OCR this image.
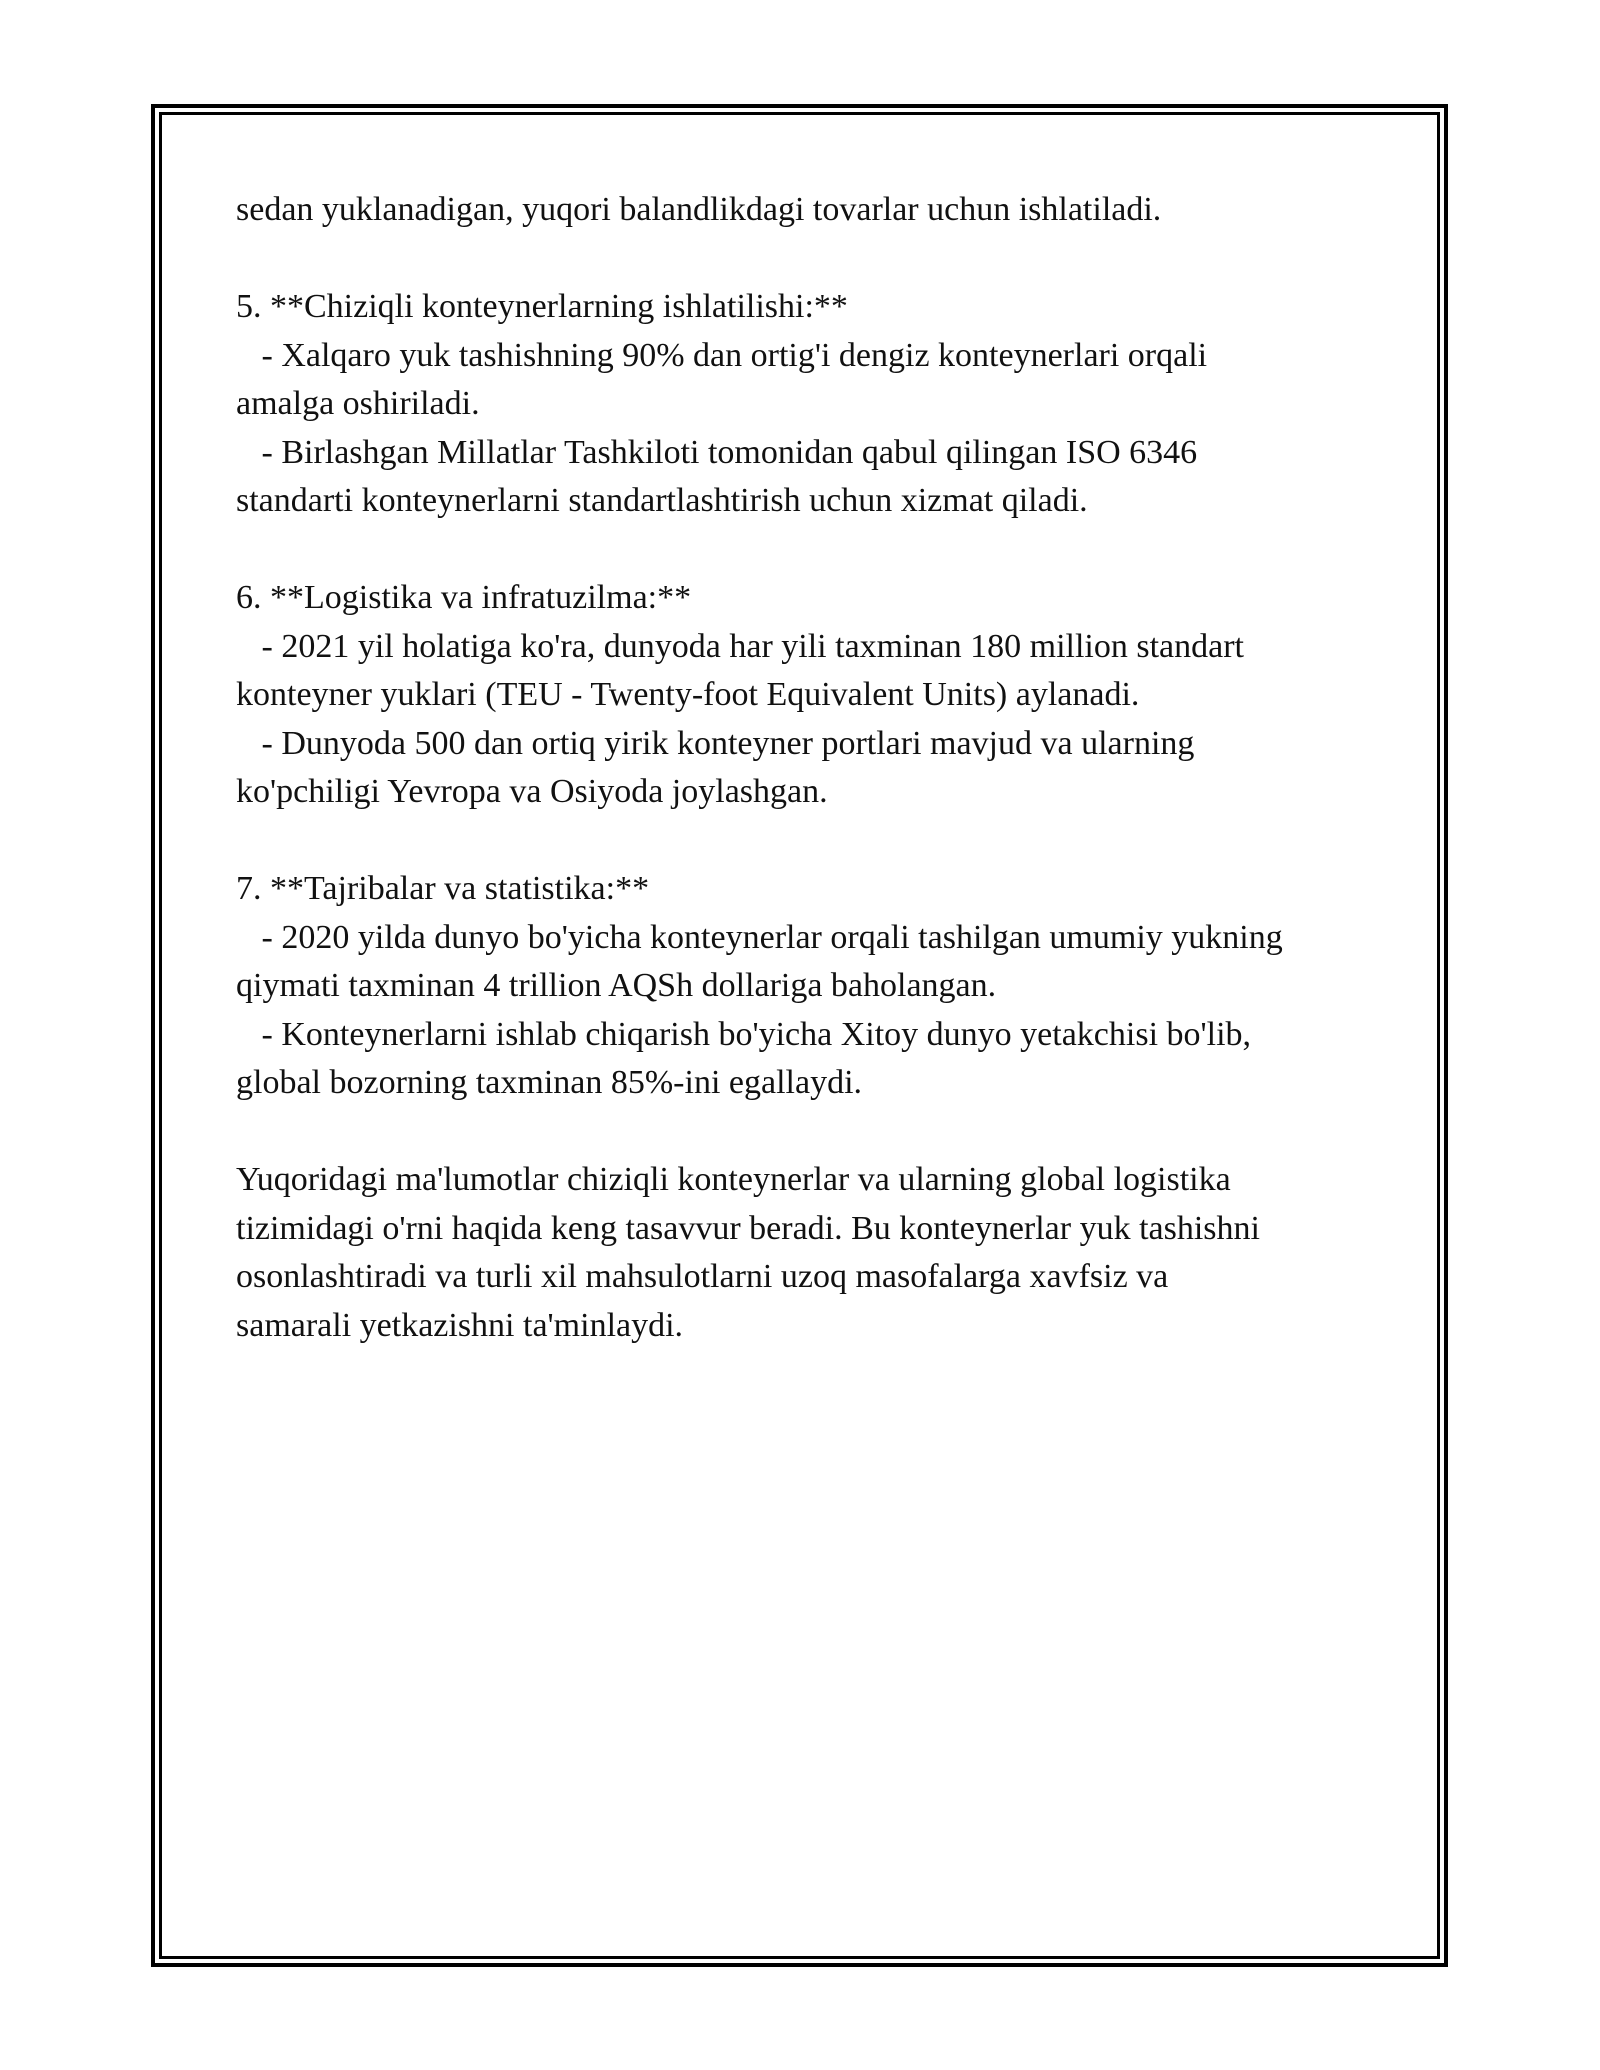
sedan yuklanadigan, yuqori balandlikdagi tovarlar uchun ishlatiladi.
5. **Chiziqli konteynerlarning ishlatilishi:**
- Xalqaro yuk tashishning 90% dan ortig'i dengiz konteynerlari orqali
amalga oshiriladi.
- Birlashgan Millatlar Tashkiloti tomonidan qabul qilingan ISO 6346
standarti konteynerlarni standartlashtirish uchun xizmat qiladi.
6. **Logistika va infratuzilma:**
- 2021 yil holatiga ko'ra, dunyoda har yili taxminan 180 million standart
konteyner yuklari (TEU - Twenty-foot Equivalent Units) aylanadi.
- Dunyoda 500 dan ortiq yirik konteyner portlari mavjud va ularning
ko'pchiligi Yevropa va Osiyoda joylashgan.
7. **Tajribalar va statistika:**
- 2020 yilda dunyo bo'yicha konteynerlar orqali tashilgan umumiy yukning
qiymati taxminan 4 trillion AQSh dollariga baholangan.
- Konteynerlarni ishlab chiqarish bo'yicha Xitoy dunyo yetakchisi bo'lib,
global bozorning taxminan 85%-ini egallaydi.
Yuqoridagi ma'lumotlar chiziqli konteynerlar va ularning global logistika
tizimidagi o'rni haqida keng tasavvur beradi. Bu konteynerlar yuk tashishni
osonlashtiradi va turli xil mahsulotlarni uzoq masofalarga xavfsiz va
samarali yetkazishni ta'minlaydi.
